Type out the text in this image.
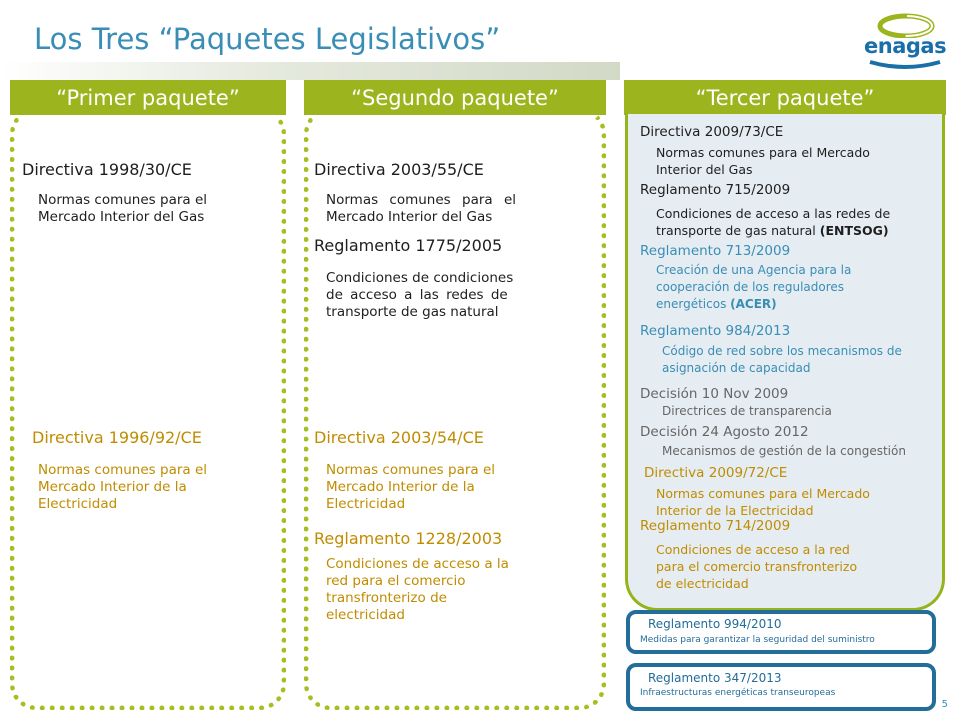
Los Tres “Paquetes Legislativos”	enagas
“Primer paquete”	“Segundo paquete”	“Tercer paquete”
Directiva 1998/30/CE
Normas comunes para el
Mercado Interior del Gas
Directiva 1996/92/CE
Normas comunes para el
Mercado Interior de la
Electricidad
Directiva 2003/55/CE
Normas comunes para el
Mercado Interior del Gas
Reglamento 1775/2005
Condiciones de condiciones
de acceso a las redes de
transporte de gas natural
Directiva 2003/54/CE
Normas comunes para el
Mercado Interior de la
Electricidad
Reglamento 1228/2003
Condiciones de acceso a la
red para el comercio
transfronterizo de
electricidad
Directiva 2009/73/CE
Normas comunes para el Mercado
Interior del Gas
Reglamento 715/2009
Condiciones de acceso a las redes de
transporte de gas natural (ENTSOG)
Reglamento 713/2009
Creación de una Agencia para la
cooperación de los reguladores
energéticos (ACER)
Reglamento 984/2013
Código de red sobre los mecanismos de
asignación de capacidad
Decisión 10 Nov 2009
Directrices de transparencia
Decisión 24 Agosto 2012
Mecanismos de gestión de la congestión
Directiva 2009/72/CE
Normas comunes para el Mercado
Interior de la Electricidad
Reglamento 714/2009
Condiciones de acceso a la red
para el comercio transfronterizo
de electricidad
Reglamento 994/2010
Medidas para garantizar la seguridad del suministro
Reglamento 347/2013
Infraestructuras energéticas transeuropeas
5
